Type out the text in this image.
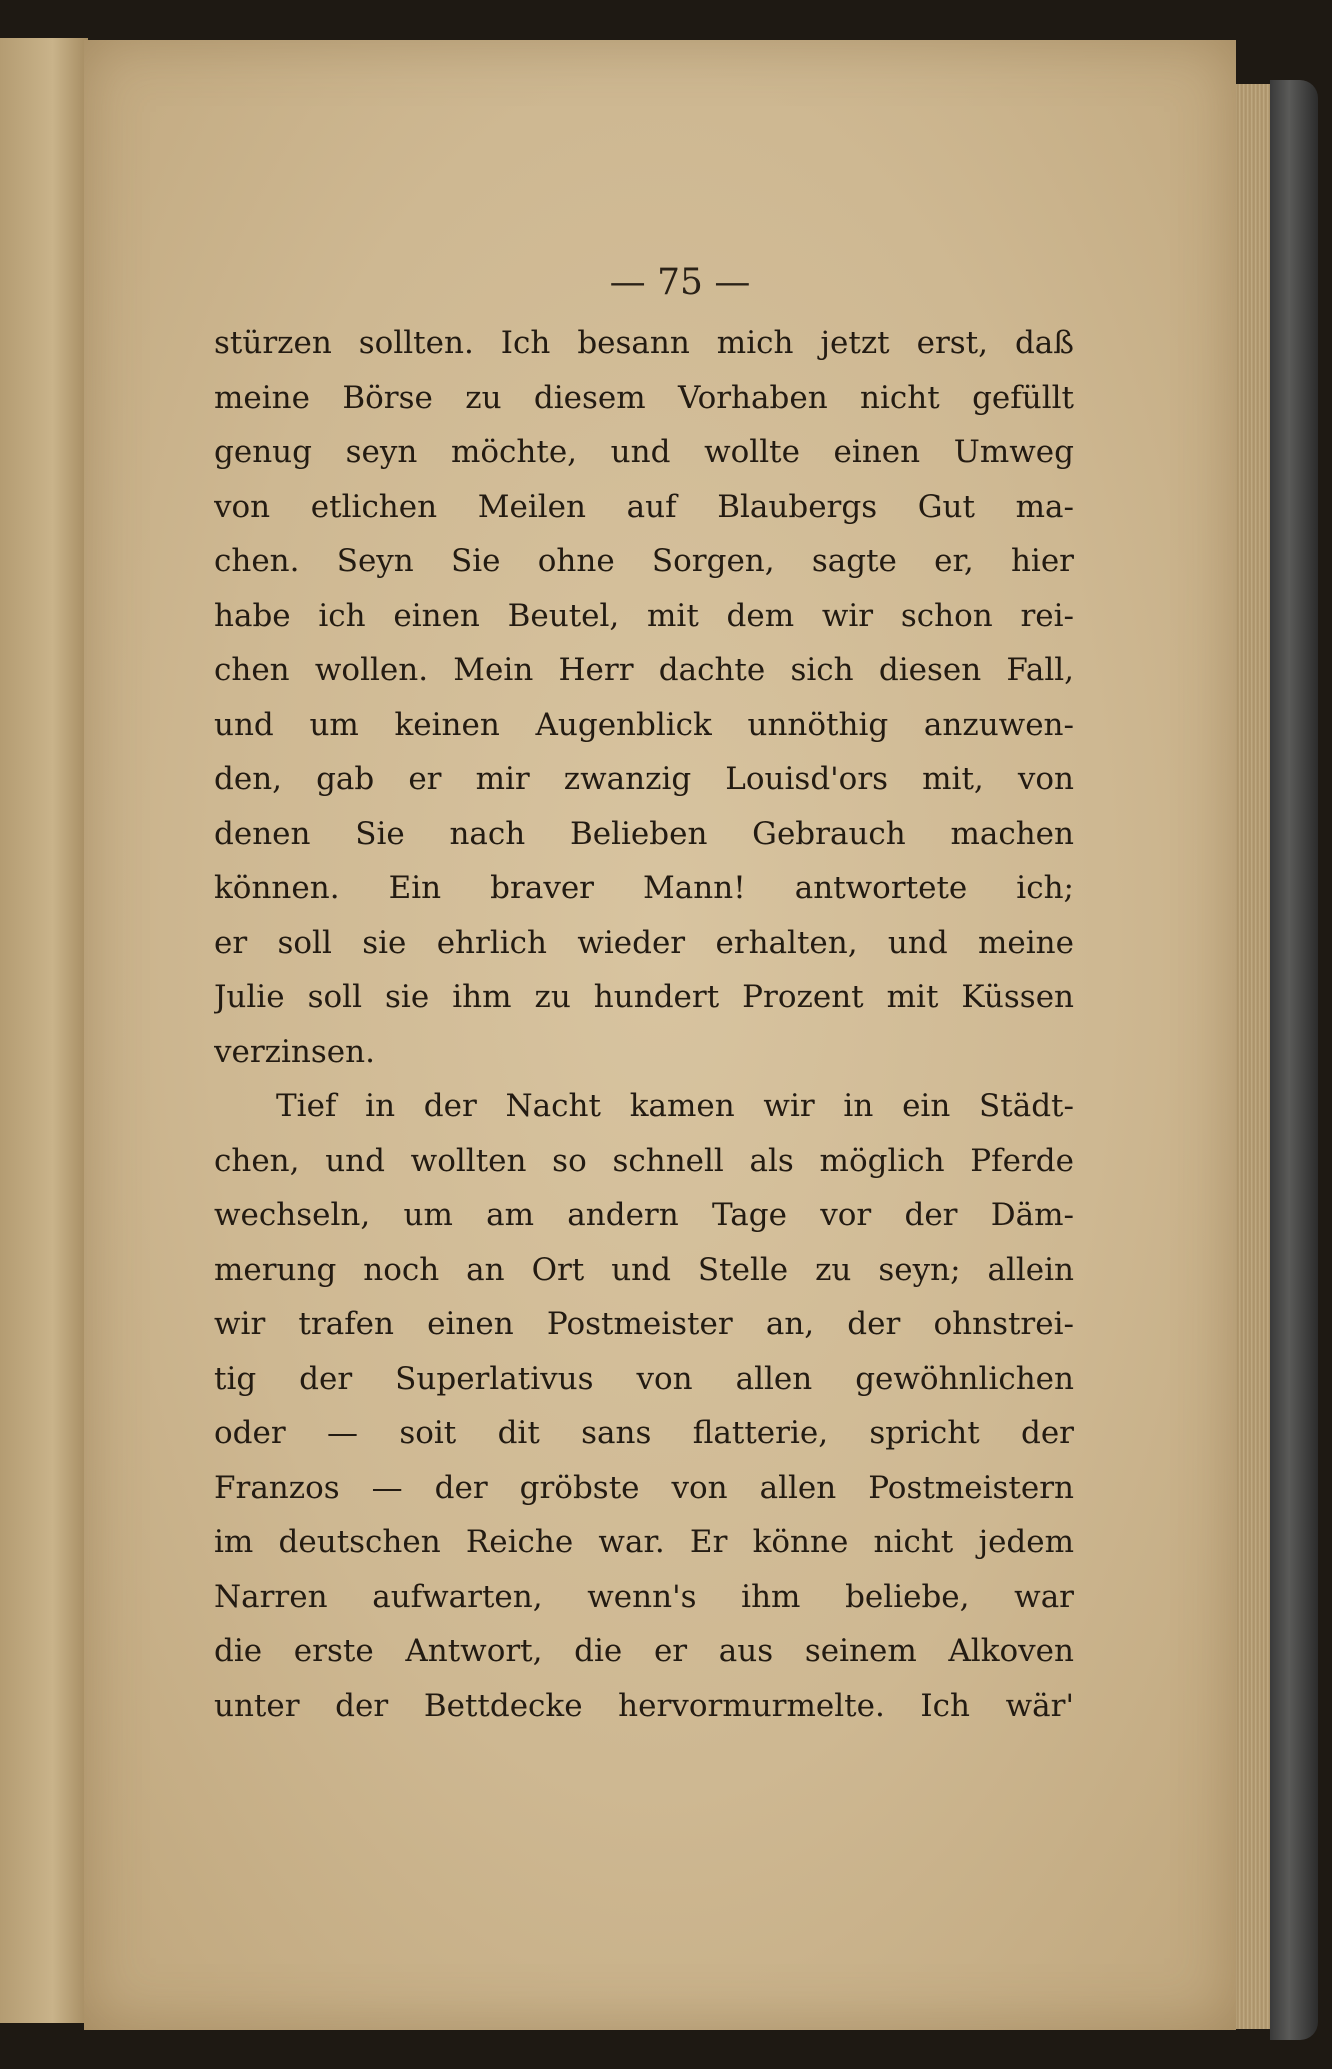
— 75 —
stürzen sollten. Ich besann mich jetzt erst, daß
meine Börse zu diesem Vorhaben nicht gefüllt
genug seyn möchte, und wollte einen Umweg
von etlichen Meilen auf Blaubergs Gut ma-
chen. Seyn Sie ohne Sorgen, sagte er, hier
habe ich einen Beutel, mit dem wir schon rei-
chen wollen. Mein Herr dachte sich diesen Fall,
und um keinen Augenblick unnöthig anzuwen-
den, gab er mir zwanzig Louisd'ors mit, von
denen Sie nach Belieben Gebrauch machen
können. Ein braver Mann! antwortete ich;
er soll sie ehrlich wieder erhalten, und meine
Julie soll sie ihm zu hundert Prozent mit Küssen
verzinsen.
Tief in der Nacht kamen wir in ein Städt-
chen, und wollten so schnell als möglich Pferde
wechseln, um am andern Tage vor der Däm-
merung noch an Ort und Stelle zu seyn; allein
wir trafen einen Postmeister an, der ohnstrei-
tig der Superlativus von allen gewöhnlichen
oder — soit dit sans flatterie, spricht der
Franzos — der gröbste von allen Postmeistern
im deutschen Reiche war. Er könne nicht jedem
Narren aufwarten, wenn's ihm beliebe, war
die erste Antwort, die er aus seinem Alkoven
unter der Bettdecke hervormurmelte. Ich wär'
